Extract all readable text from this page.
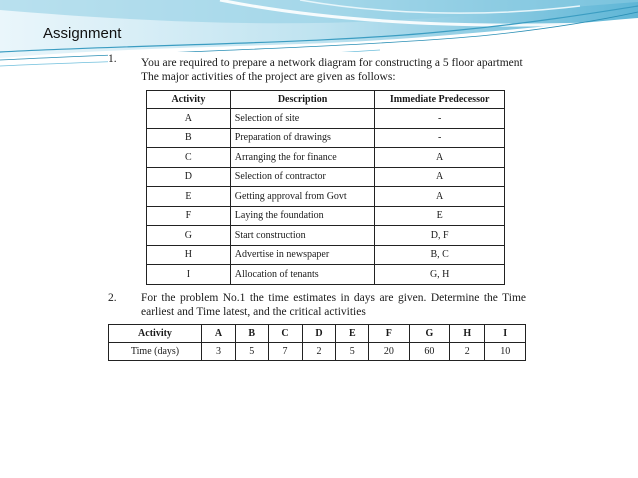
Assignment
1. You are required to prepare a network diagram for constructing a 5 floor apartment
The major activities of the project are given as follows:
Activity	Description	Immediate Predecessor
A	Selection of site	-
B	Preparation of drawings	-
C	Arranging the for finance	A
D	Selection of contractor	A
E	Getting approval from Govt	A
F	Laying the foundation	E
G	Start construction	D, F
H	Advertise in newspaper	B, C
I	Allocation of tenants	G, H
2. For the problem No.1 the time estimates in days are given. Determine the Time earliest and Time latest, and the critical activities
Activity	A	B	C	D	E	F	G	H	I
Time (days)	3	5	7	2	5	20	60	2	10
